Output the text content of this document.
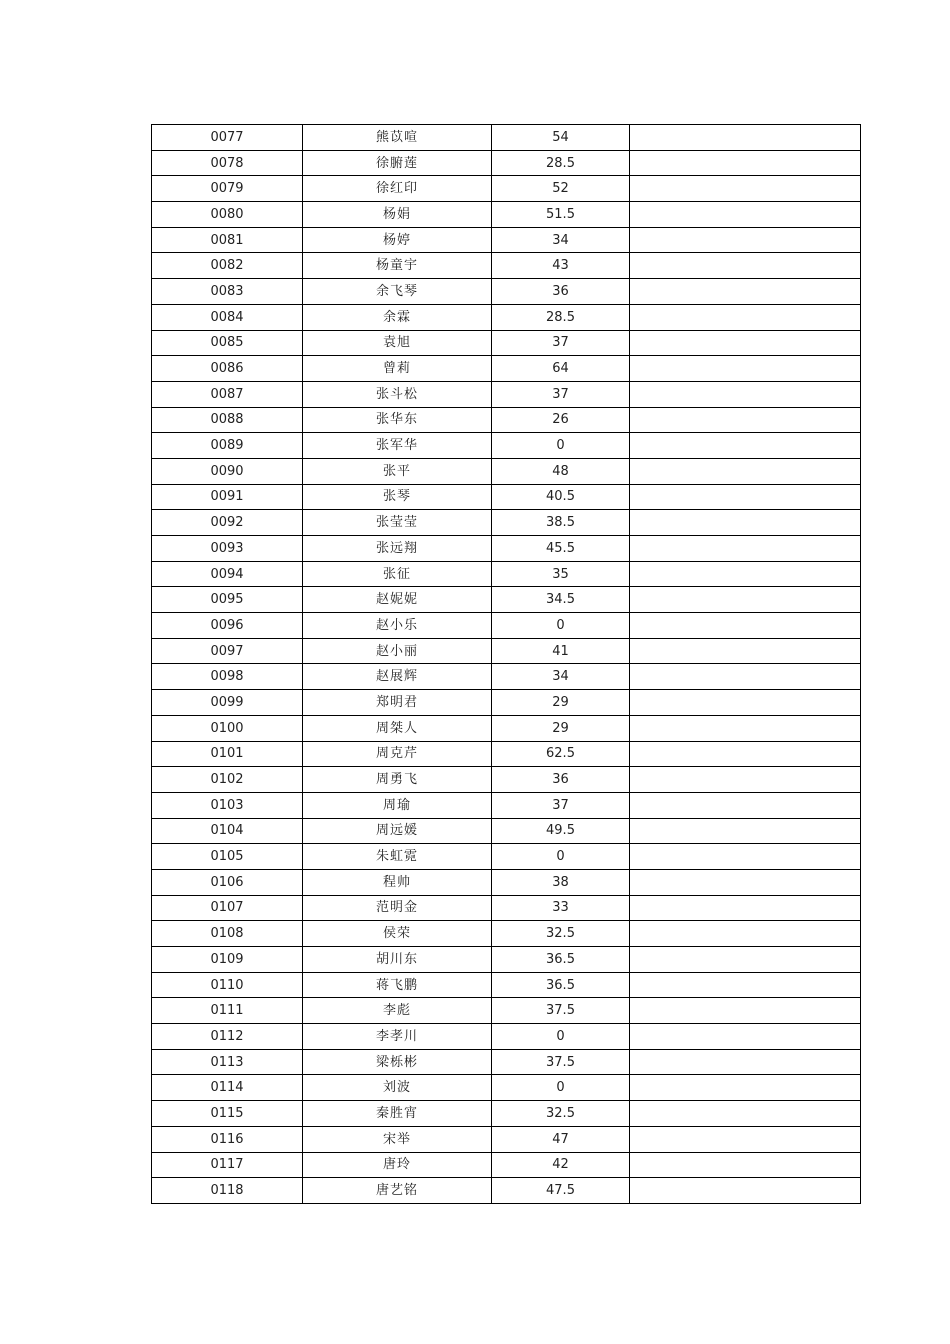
0077	熊苡喧	54	
0078	徐腑莲	28.5	
0079	徐红印	52	
0080	杨娟	51.5	
0081	杨婷	34	
0082	杨童宇	43	
0083	余飞琴	36	
0084	余霖	28.5	
0085	袁旭	37	
0086	曾莉	64	
0087	张斗松	37	
0088	张华东	26	
0089	张军华	0	
0090	张平	48	
0091	张琴	40.5	
0092	张莹莹	38.5	
0093	张远翔	45.5	
0094	张征	35	
0095	赵妮妮	34.5	
0096	赵小乐	0	
0097	赵小丽	41	
0098	赵展辉	34	
0099	郑明君	29	
0100	周桀人	29	
0101	周克芹	62.5	
0102	周勇飞	36	
0103	周瑜	37	
0104	周远媛	49.5	
0105	朱虹霓	0	
0106	程帅	38	
0107	范明金	33	
0108	侯荣	32.5	
0109	胡川东	36.5	
0110	蒋飞鹏	36.5	
0111	李彪	37.5	
0112	李孝川	0	
0113	梁栎彬	37.5	
0114	刘波	0	
0115	秦胜宵	32.5	
0116	宋举	47	
0117	唐玲	42	
0118	唐艺铭	47.5	
